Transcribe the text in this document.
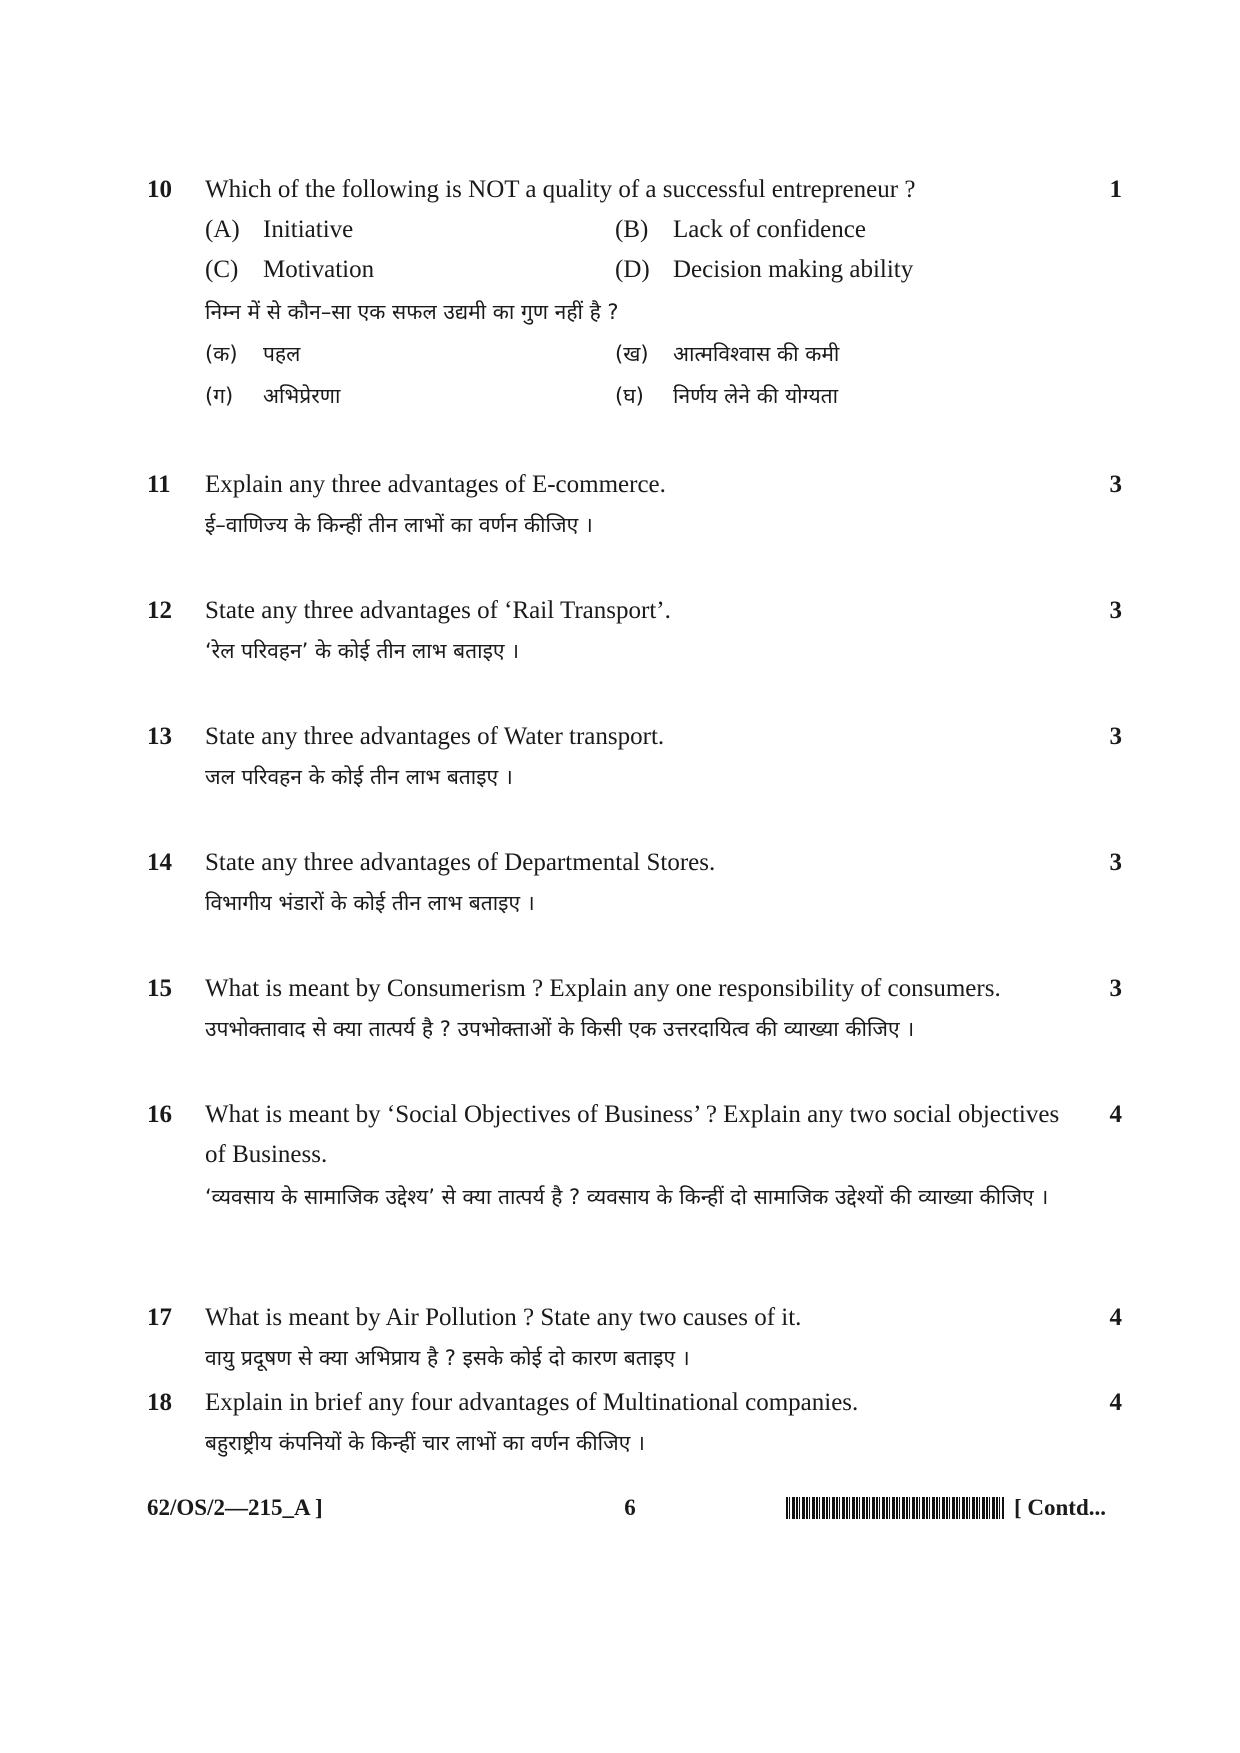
10 Which of the following is NOT a quality of a successful entrepreneur ?	1
(A) Initiative	(B) Lack of confidence
(C) Motivation	(D) Decision making ability
निम्न में से कौन–सा एक सफल उद्यमी का गुण नहीं है ?
(क) पहल	(ख) आत्मविश्वास की कमी
(ग) अभिप्रेरणा	(घ) निर्णय लेने की योग्यता
11 Explain any three advantages of E-commerce.	3
ई–वाणिज्य के किन्हीं तीन लाभों का वर्णन कीजिए ।
12 State any three advantages of ‘Rail Transport’.	3
‘रेल परिवहन’ के कोई तीन लाभ बताइए ।
13 State any three advantages of Water transport.	3
जल परिवहन के कोई तीन लाभ बताइए ।
14 State any three advantages of Departmental Stores.	3
विभागीय भंडारों के कोई तीन लाभ बताइए ।
15 What is meant by Consumerism ? Explain any one responsibility of consumers.	3
उपभोक्तावाद से क्या तात्पर्य है ? उपभोक्ताओं के किसी एक उत्तरदायित्व की व्याख्या कीजिए ।
16 What is meant by ‘Social Objectives of Business’ ? Explain any two social objectives of Business.
4
‘व्यवसाय के सामाजिक उद्देश्य’ से क्या तात्पर्य है ? व्यवसाय के किन्हीं दो सामाजिक उद्देश्यों की व्याख्या कीजिए ।
17 What is meant by Air Pollution ? State any two causes of it.	4
वायु प्रदूषण से क्या अभिप्राय है ? इसके कोई दो कारण बताइए ।
18 Explain in brief any four advantages of Multinational companies.	4
बहुराष्ट्रीय कंपनियों के किन्हीं चार लाभों का वर्णन कीजिए ।
62/OS/2—215_A ]	6	[ Contd...
